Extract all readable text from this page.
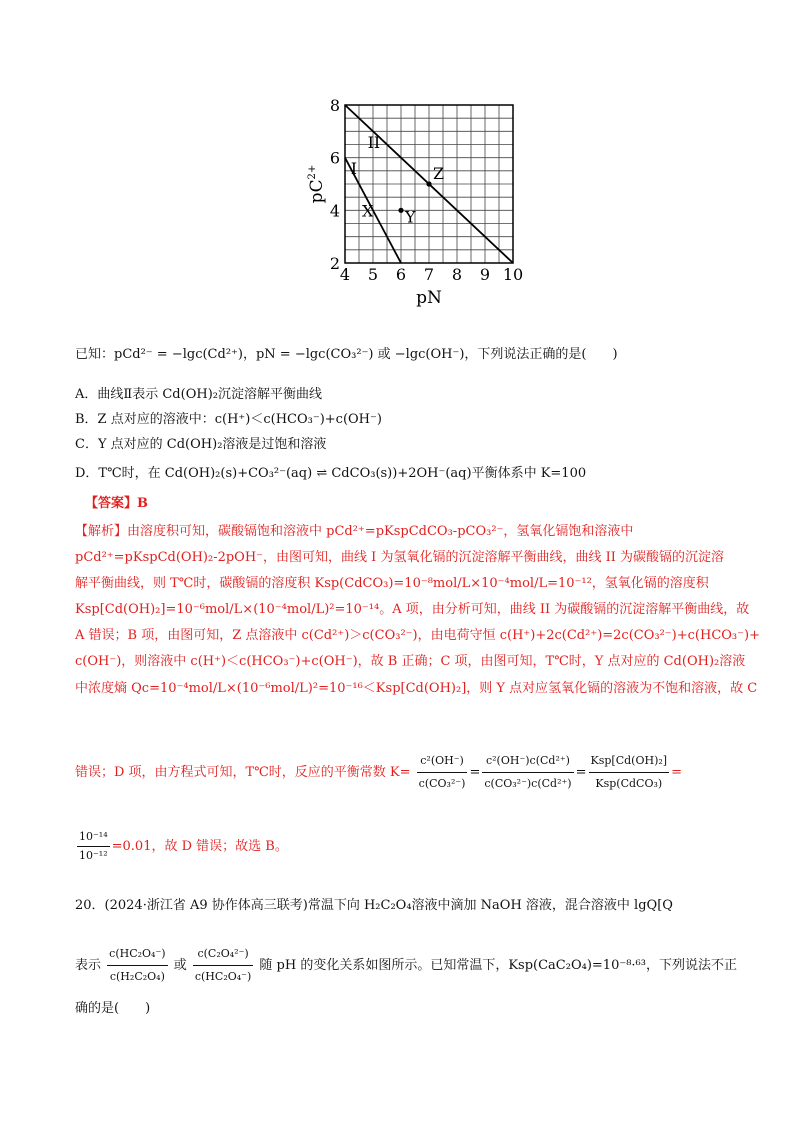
Z
Y
X
I
II
4 5 6 7 8 9 10
2
4
6
8
pN
$pC^{2+}$
已知：pCd²⁻ = −lgc(Cd²⁺)，pN = −lgc(CO₃²⁻) 或 −lgc(OH⁻)，下列说法正确的是(　　)
A．曲线Ⅱ表示 Cd(OH)₂沉淀溶解平衡曲线
B．Z 点对应的溶液中：c(H⁺)＜c(HCO₃⁻)+c(OH⁻)
C．Y 点对应的 Cd(OH)₂溶液是过饱和溶液
D．T℃时，在 Cd(OH)₂(s)+CO₃²⁻(aq) ⇌ CdCO₃(s))+2OH⁻(aq)平衡体系中 K=100
【答案】B
【解析】由溶度积可知，碳酸镉饱和溶液中 pCd²⁺=pKspCdCO₃-pCO₃²⁻，氢氧化镉饱和溶液中
pCd²⁺=pKspCd(OH)₂-2pOH⁻，由图可知，曲线 I 为氢氧化镉的沉淀溶解平衡曲线，曲线 II 为碳酸镉的沉淀溶
解平衡曲线，则 T℃时，碳酸镉的溶度积 Ksp(CdCO₃)=10⁻⁸mol/L×10⁻⁴mol/L=10⁻¹²，氢氧化镉的溶度积
Ksp[Cd(OH)₂]=10⁻⁶mol/L×(10⁻⁴mol/L)²=10⁻¹⁴。A 项，由分析可知，曲线 II 为碳酸镉的沉淀溶解平衡曲线，故
A 错误；B 项，由图可知，Z 点溶液中 c(Cd²⁺)＞c(CO₃²⁻)，由电荷守恒 c(H⁺)+2c(Cd²⁺)=2c(CO₃²⁻)+c(HCO₃⁻)+
c(OH⁻)，则溶液中 c(H⁺)＜c(HCO₃⁻)+c(OH⁻)，故 B 正确；C 项，由图可知，T℃时，Y 点对应的 Cd(OH)₂溶液
中浓度熵 Qc=10⁻⁴mol/L×(10⁻⁶mol/L)²=10⁻¹⁶＜Ksp[Cd(OH)₂]，则 Y 点对应氢氧化镉的溶液为不饱和溶液，故 C
错误；D 项，由方程式可知，T℃时，反应的平衡常数 $K= \frac{\text{c²(OH⁻)}}{\text{c(CO₃²⁻)}} = \frac{\text{c²(OH⁻)c(Cd²⁺)}}{\text{c(CO₃²⁻)c(Cd²⁺)}} = \frac{\text{Ksp[Cd(OH)₂]}}{\text{Ksp(CdCO₃)}}$ =
$\frac{\text{10⁻¹⁴}}{\text{10⁻¹²}} =0.01$，故 D 错误；故选 B。
20．(2024·浙江省 A9 协作体高三联考)常温下向 H₂C₂O₄溶液中滴加 NaOH 溶液，混合溶液中 lgQ[Q
表示 $\frac{\text{c(HC₂O₄⁻)}}{\text{c(H₂C₂O₄)}}$ 或 $\frac{\text{c(C₂O₄²⁻)}}{\text{c(HC₂O₄⁻)}}$ 随 pH 的变化关系如图所示。已知常温下，Ksp(CaC₂O₄)=10⁻⁸·⁶³，下列说法不正
确的是(　　)
